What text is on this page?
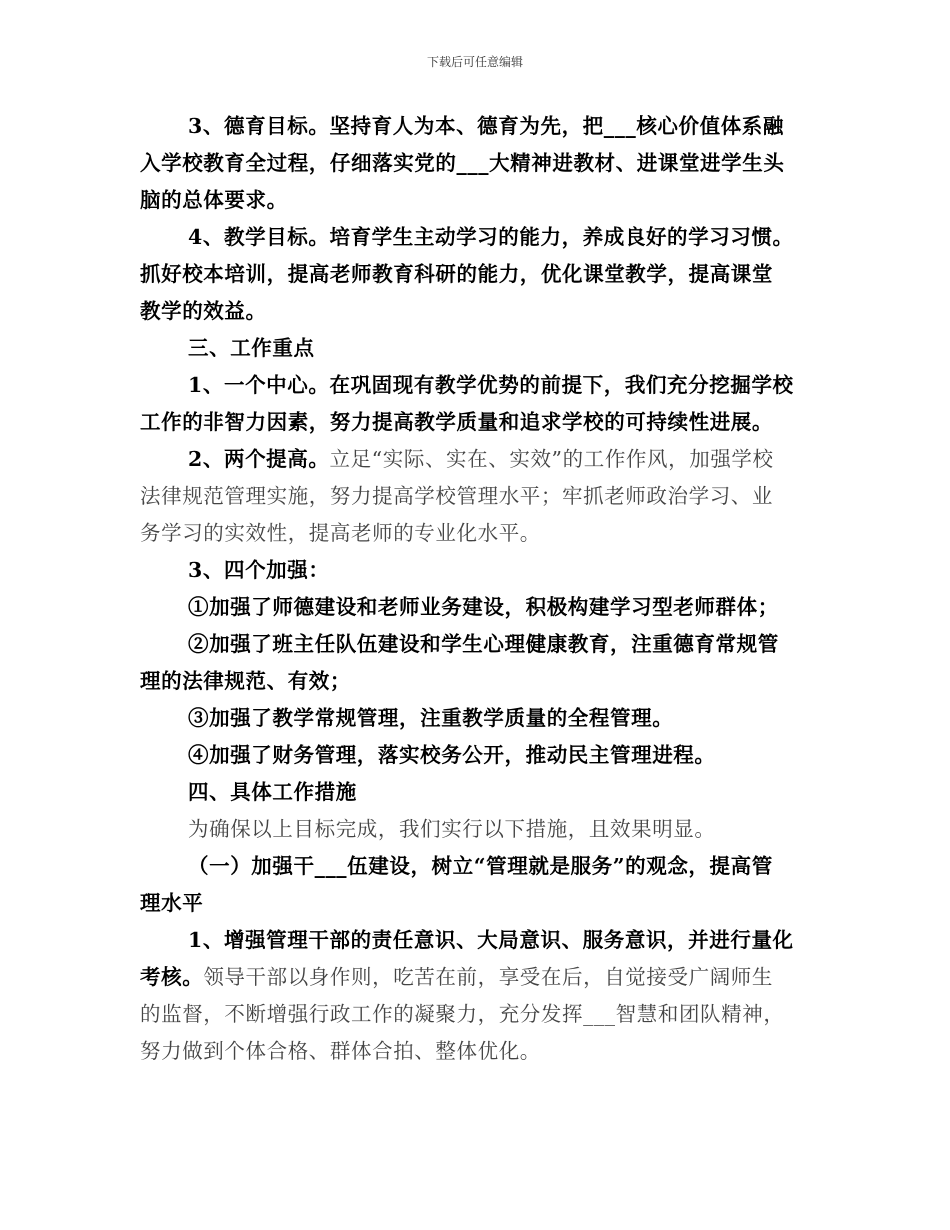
下载后可任意编辑
3、德育目标。坚持育人为本、德育为先，把___核心价值体系融
入学校教育全过程，仔细落实党的___大精神进教材、进课堂进学生头
脑的总体要求。
4、教学目标。培育学生主动学习的能力，养成良好的学习习惯。
抓好校本培训，提高老师教育科研的能力，优化课堂教学，提高课堂
教学的效益。
三、工作重点
1、一个中心。在巩固现有教学优势的前提下，我们充分挖掘学校
工作的非智力因素，努力提高教学质量和追求学校的可持续性进展。
2、两个提高。立足“实际、实在、实效”的工作作风，加强学校
法律规范管理实施，努力提高学校管理水平；牢抓老师政治学习、业
务学习的实效性，提高老师的专业化水平。
3、四个加强：
①加强了师德建设和老师业务建设，积极构建学习型老师群体；
②加强了班主任队伍建设和学生心理健康教育，注重德育常规管
理的法律规范、有效；
③加强了教学常规管理，注重教学质量的全程管理。
④加强了财务管理，落实校务公开，推动民主管理进程。
四、具体工作措施
为确保以上目标完成，我们实行以下措施，且效果明显。
（一）加强干___伍建设，树立“管理就是服务”的观念，提高管
理水平
1、增强管理干部的责任意识、大局意识、服务意识，并进行量化
考核。领导干部以身作则，吃苦在前，享受在后，自觉接受广阔师生
的监督，不断增强行政工作的凝聚力，充分发挥___智慧和团队精神，
努力做到个体合格、群体合拍、整体优化。
